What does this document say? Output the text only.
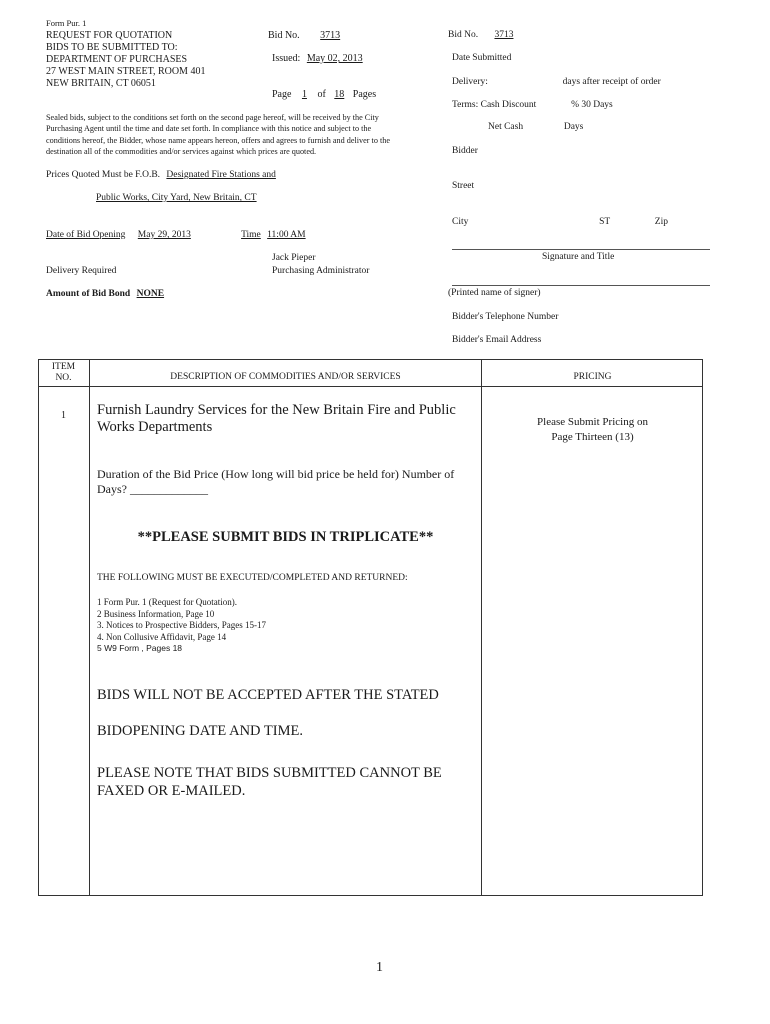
Form Pur. 1
REQUEST FOR QUOTATION
BIDS TO BE SUBMITTED TO:
DEPARTMENT OF PURCHASES
27 WEST MAIN STREET, ROOM 401
NEW BRITAIN, CT 06051
Bid No. 3713
Issued: May 02, 2013
Page 1 of 18 Pages
Sealed bids, subject to the conditions set forth on the second page hereof, will be received by the City Purchasing Agent until the time and date set forth. In compliance with this notice and subject to the conditions hereof, the Bidder, whose name appears hereon, offers and agrees to furnish and deliver to the destination all of the commodities and/or services against which prices are quoted.
Prices Quoted Must be F.O.B. Designated Fire Stations and
Public Works, City Yard, New Britain, CT
Date of Bid Opening May 29, 2013	Time 11:00 AM
Jack Pieper
Purchasing Administrator
Delivery Required
Amount of Bid Bond NONE
Bid No. 3713
Date Submitted
Delivery:	days after receipt of order
Terms: Cash Discount	% 30 Days
Net Cash	Days
Bidder
Street
City	ST	Zip
Signature and Title
(Printed name of signer)
Bidder's Telephone Number
Bidder's Email Address
ITEM
NO.	DESCRIPTION OF COMMODITIES AND/OR SERVICES	PRICING
1	Furnish Laundry Services for the New Britain Fire and Public Works Departments
Duration of the Bid Price (How long will bid price be held for) Number of Days? _____________
**PLEASE SUBMIT BIDS IN TRIPLICATE**
THE FOLLOWING MUST BE EXECUTED/COMPLETED AND RETURNED:
1 Form Pur. 1 (Request for Quotation).
2 Business Information, Page 10
3. Notices to Prospective Bidders, Pages 15-17
4. Non Collusive Affidavit, Page 14
5 W9 Form , Pages 18
BIDS WILL NOT BE ACCEPTED AFTER THE STATED
BIDOPENING DATE AND TIME.
PLEASE NOTE THAT BIDS SUBMITTED CANNOT BE FAXED OR E-MAILED.
Please Submit Pricing on
Page Thirteen (13)
1
